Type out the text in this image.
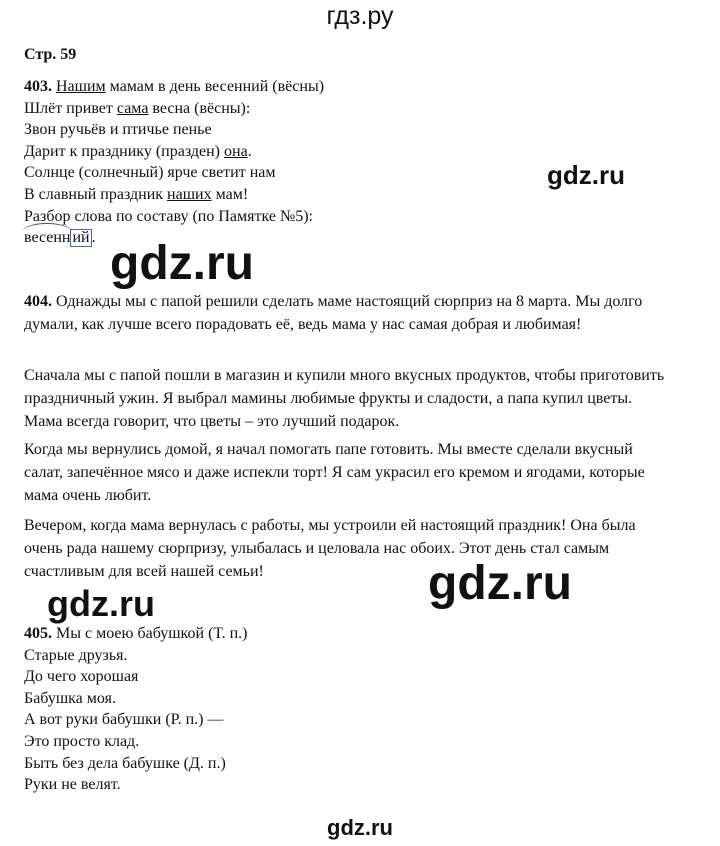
гдз.ру
gdz.ru
gdz.ru
gdz.ru
gdz.ru
Стр. 59
403. Нашим мамам в день весенний (вёсны)
Шлёт привет сама весна (вёсны):
Звон ручьёв и птичье пенье
Дарит к празднику (празден) она.
Солнце (солнечный) ярче светит нам
В славный праздник наших мам!
Разбор слова по составу (по Памятке №5):
весенн ий .
404. Однажды мы с папой решили сделать маме настоящий сюрприз на 8 марта. Мы долго думали, как лучше всего порадовать её, ведь мама у нас самая добрая и любимая!
Сначала мы с папой пошли в магазин и купили много вкусных продуктов, чтобы приготовить праздничный ужин. Я выбрал мамины любимые фрукты и сладости, а папа купил цветы. Мама всегда говорит, что цветы – это лучший подарок.
Когда мы вернулись домой, я начал помогать папе готовить. Мы вместе сделали вкусный салат, запечённое мясо и даже испекли торт! Я сам украсил его кремом и ягодами, которые мама очень любит.
Вечером, когда мама вернулась с работы, мы устроили ей настоящий праздник! Она была очень рада нашему сюрпризу, улыбалась и целовала нас обоих. Этот день стал самым счастливым для всей нашей семьи!
405. Мы с моею бабушкой (Т. п.)
Старые друзья.
До чего хорошая
Бабушка моя.
А вот руки бабушки (Р. п.) —
Это просто клад.
Быть без дела бабушке (Д. п.)
Руки не велят.
gdz.ru
